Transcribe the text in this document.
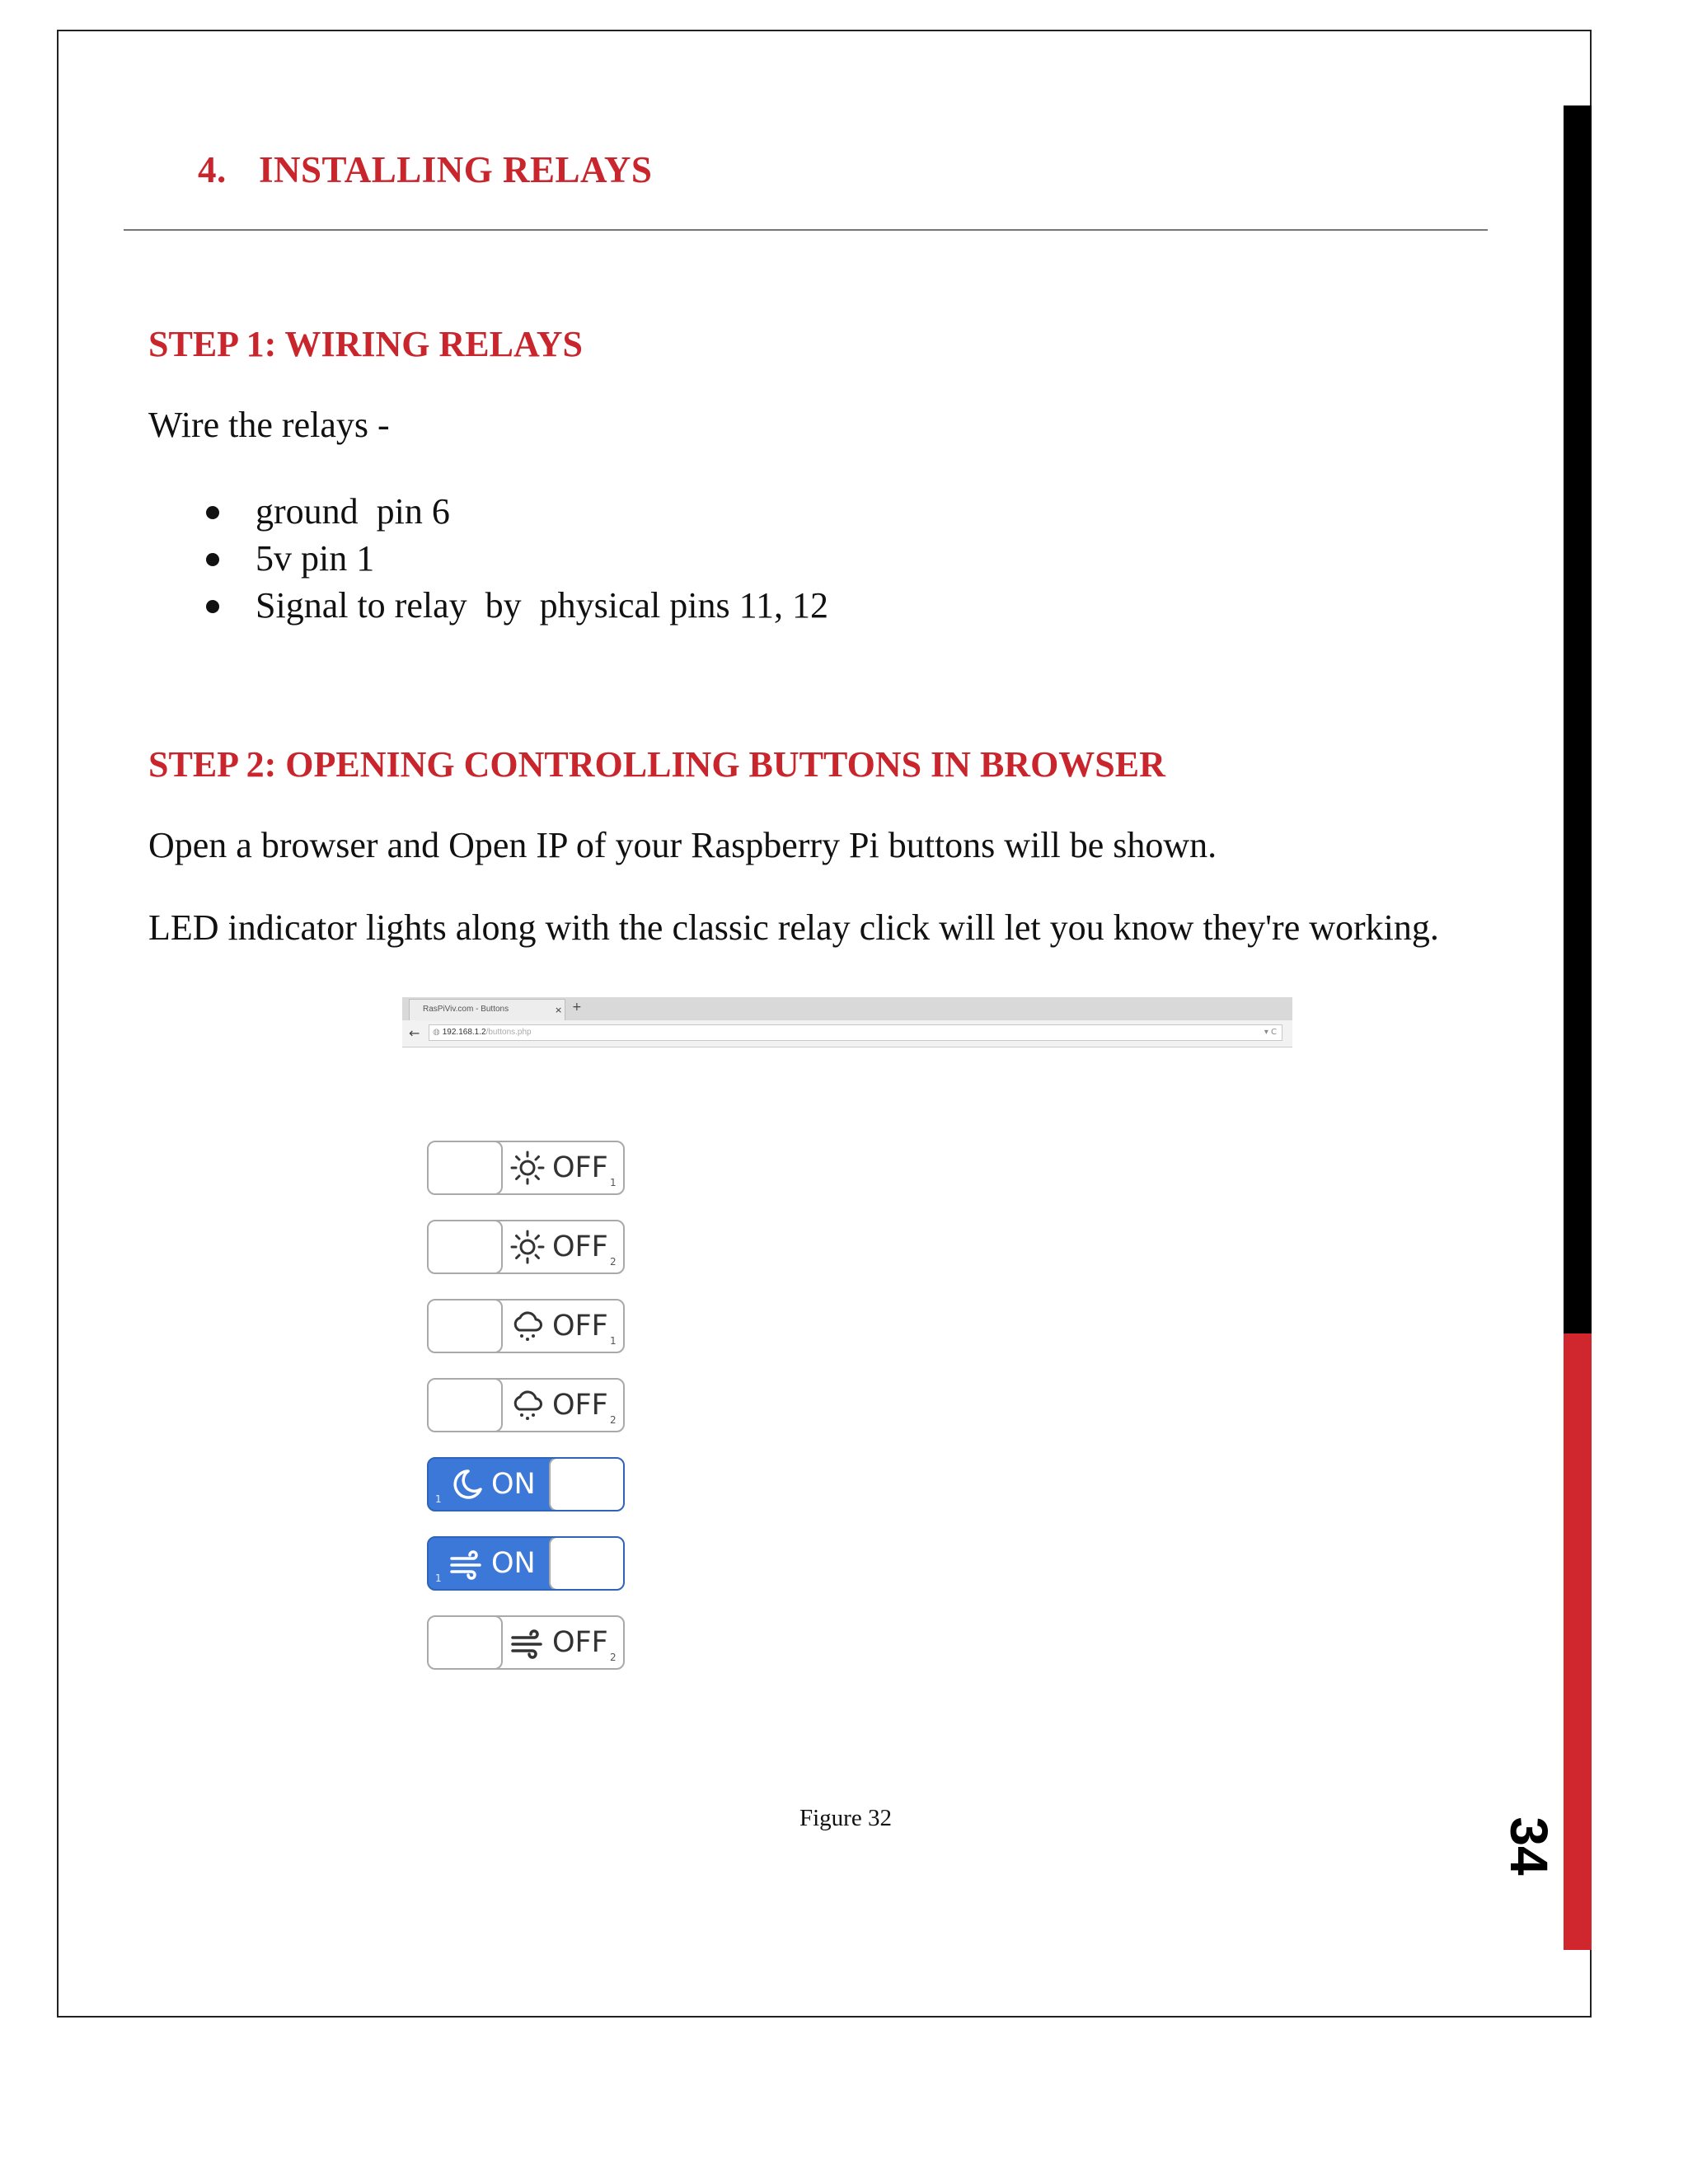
34
4. INSTALLING RELAYS
STEP 1: WIRING RELAYS
Wire the relays -
ground  pin 6
5v pin 1
Signal to relay  by  physical pins 11, 12
STEP 2: OPENING CONTROLLING BUTTONS IN BROWSER
Open a browser and Open IP of your Raspberry Pi buttons will be shown.
LED indicator lights along with the classic relay click will let you know they're working.
RasPiViv.com - Buttons	× +
←	◍ 192.168.1.2/buttons.php	▾ C
OFF 1
OFF 2
OFF 1
OFF 2
ON
1
ON
1
OFF 2
Figure 32
